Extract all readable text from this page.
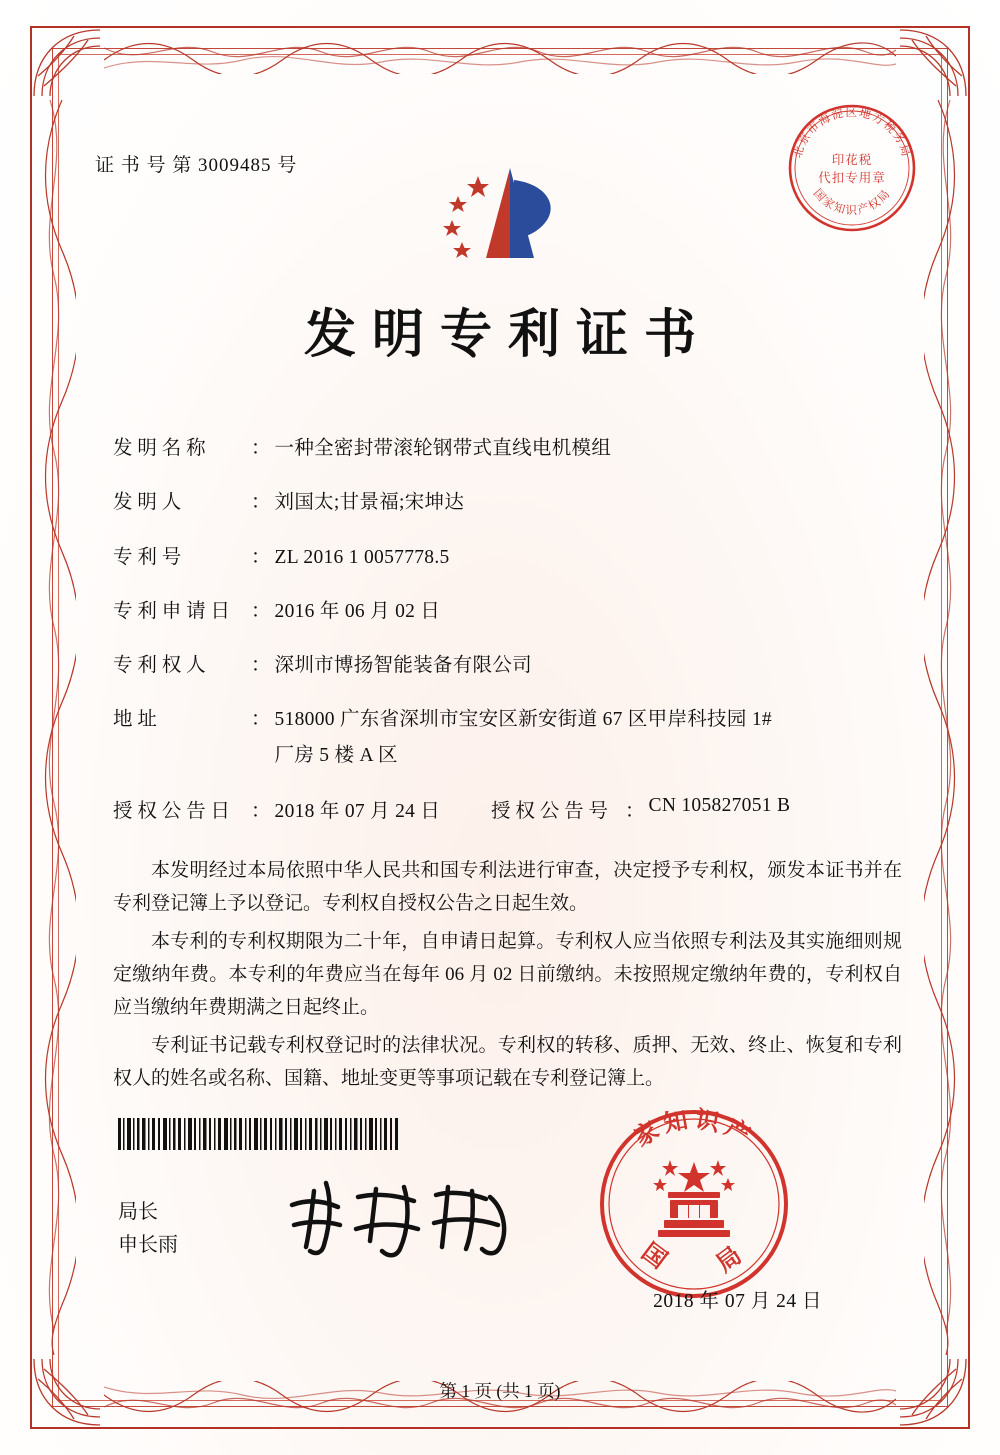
证 书 号 第 3009485 号
北京市海淀区地方税务局
国家知识产权局
印花税
代扣专用章
发明专利证书
发 明 名 称	： 一种全密封带滚轮钢带式直线电机模组
发 明 人	： 刘国太;甘景福;宋坤达
专 利 号	： ZL 2016 1 0057778.5
专 利 申 请 日	： 2016 年 06 月 02 日
专 利 权 人	： 深圳市博扬智能装备有限公司
地 址	： 518000 广东省深圳市宝安区新安街道 67 区甲岸科技园 1#
厂房 5 楼 A 区
授 权 公 告 日	： 2018 年 07 月 24 日	授 权 公 告 号 ： CN 105827051 B

本发明经过本局依照中华人民共和国专利法进行审查，决定授予专利权，颁发本证书并在专利登记簿上予以登记。专利权自授权公告之日起生效。

本专利的专利权期限为二十年，自申请日起算。专利权人应当依照专利法及其实施细则规定缴纳年费。本专利的年费应当在每年 06 月 02 日前缴纳。未按照规定缴纳年费的，专利权自应当缴纳年费期满之日起终止。

专利证书记载专利权登记时的法律状况。专利权的转移、质押、无效、终止、恢复和专利权人的姓名或名称、国籍、地址变更等事项记载在专利登记簿上。

局长
申长雨
家知识产
国　　局
2018 年 07 月 24 日
第 1 页 (共 1 页)
